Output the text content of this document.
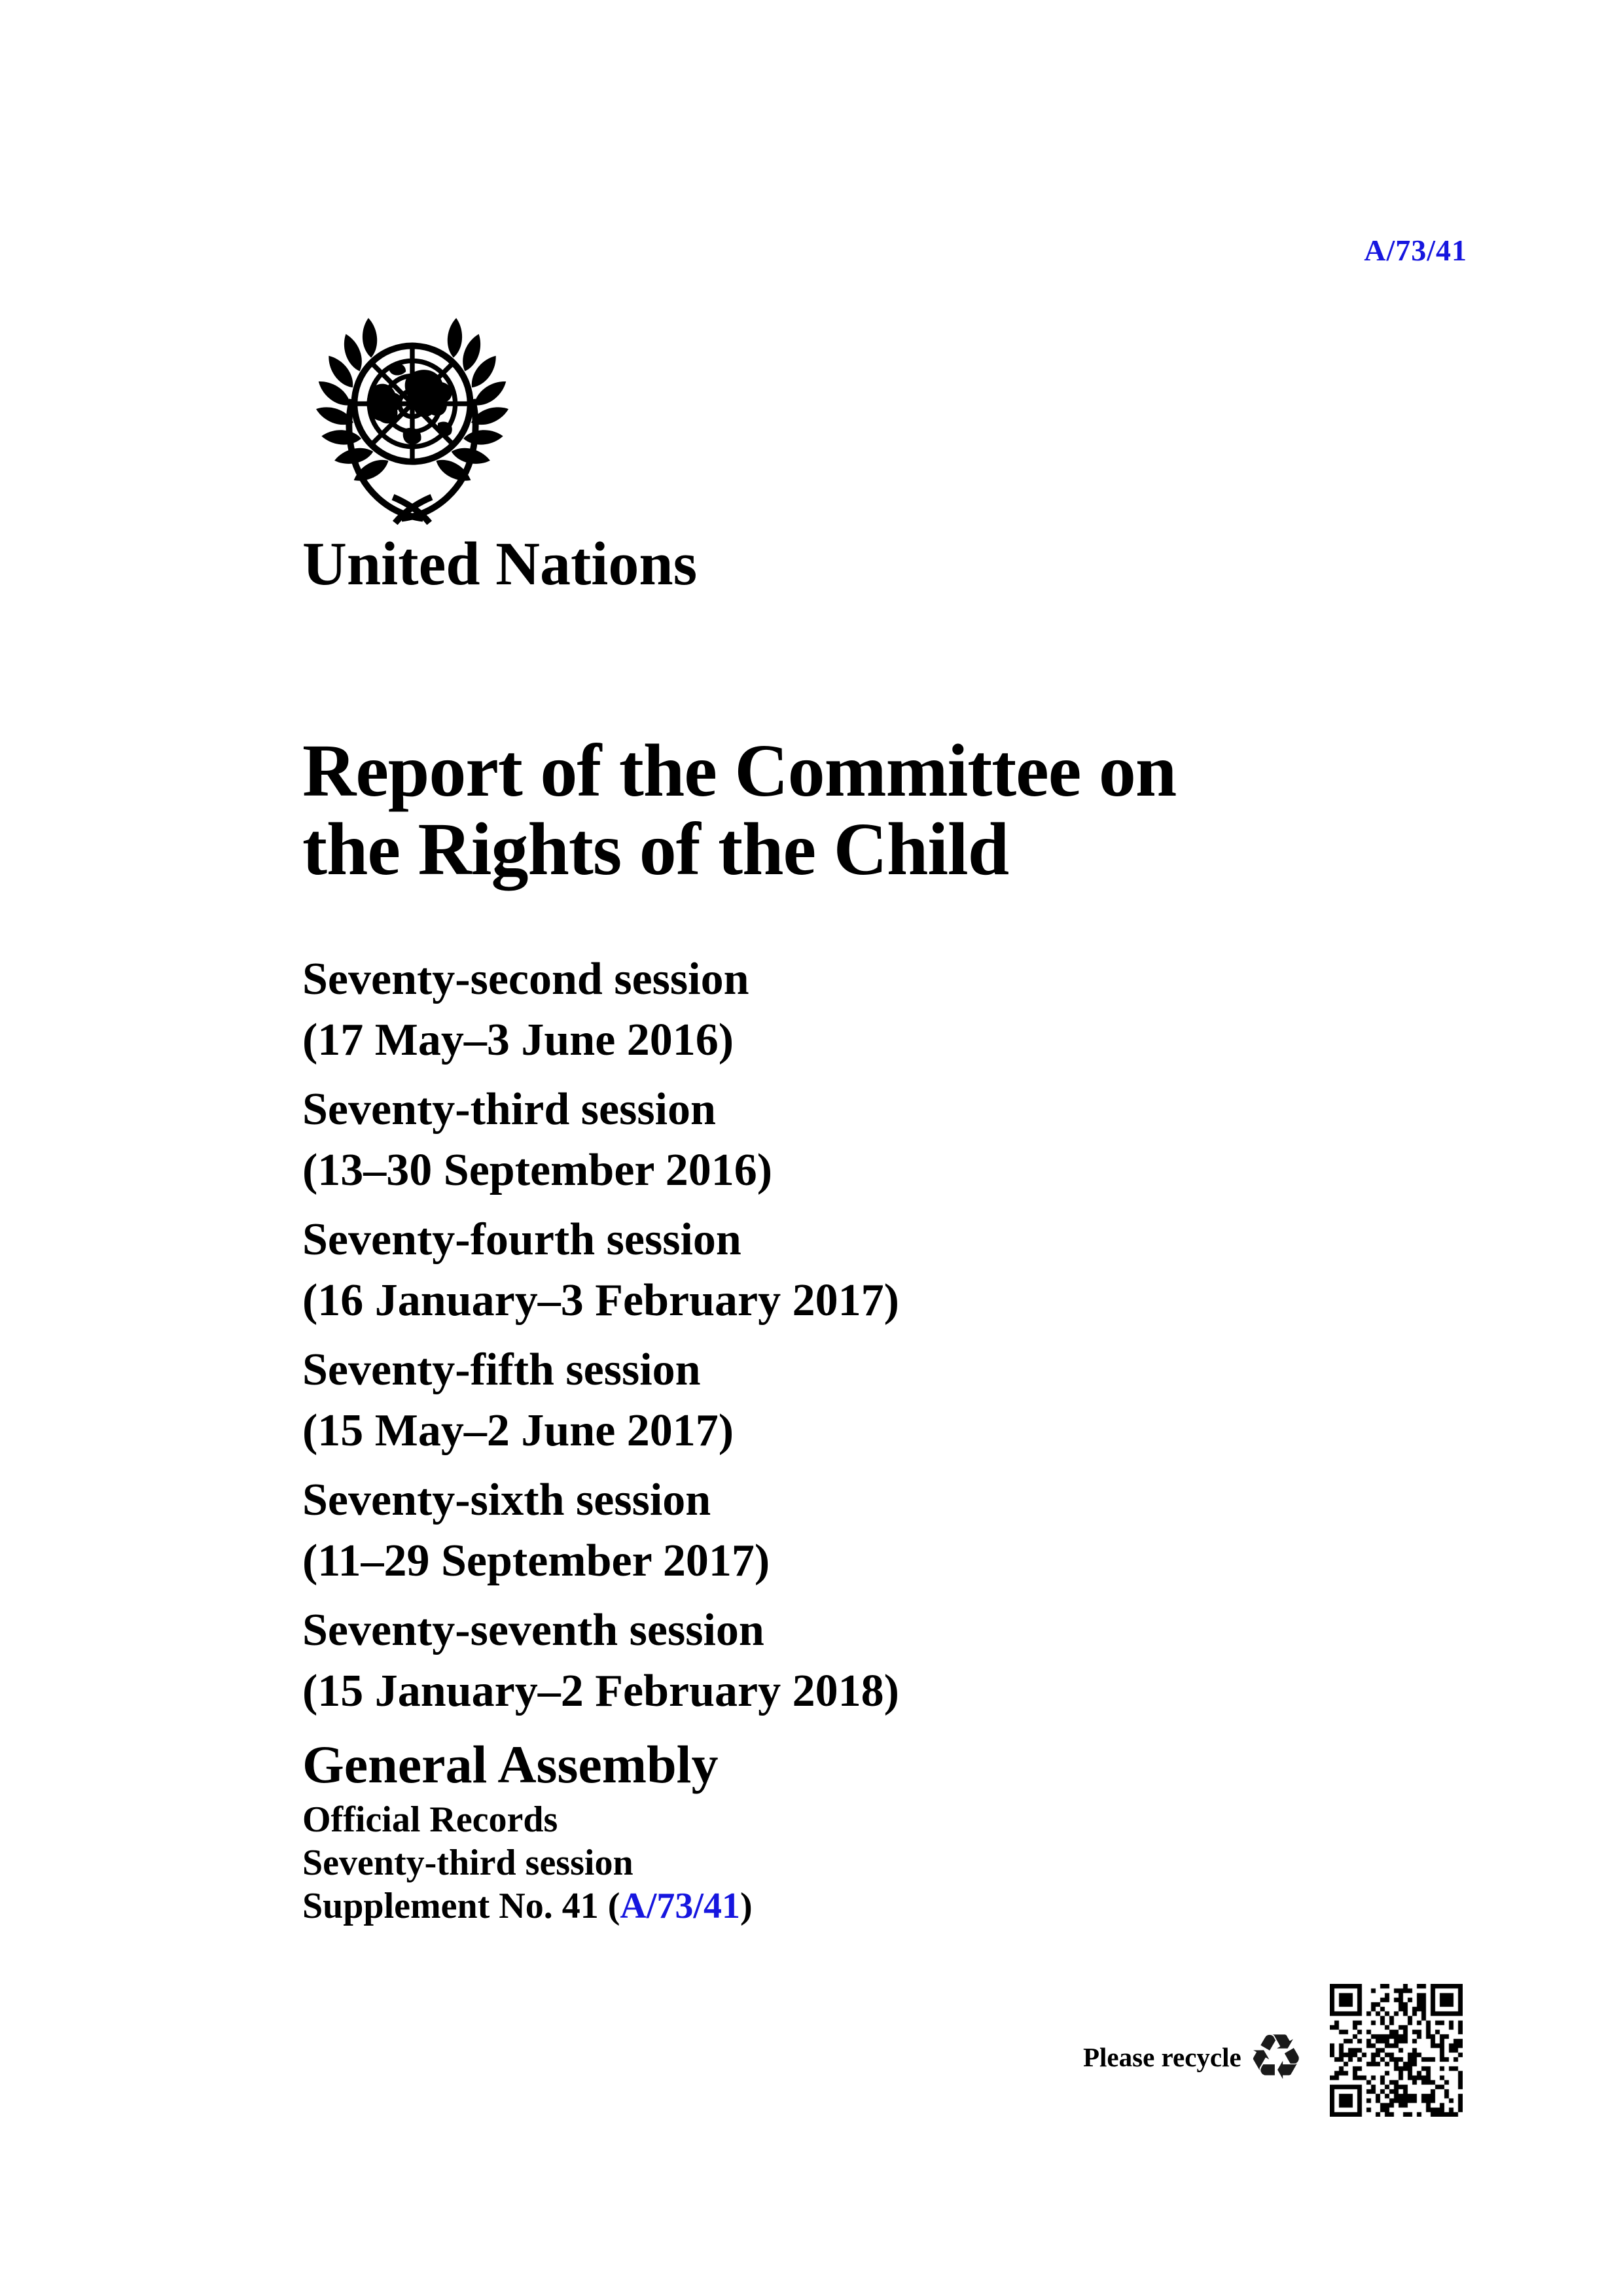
A/73/41
United Nations
Report of the Committee on
the Rights of the Child
Seventy-second session
(17 May–3 June 2016)
Seventy-third session
(13–30 September 2016)
Seventy-fourth session
(16 January–3 February 2017)
Seventy-fifth session
(15 May–2 June 2017)
Seventy-sixth session
(11–29 September 2017)
Seventy-seventh session
(15 January–2 February 2018)
General Assembly
Official Records
Seventy-third session
Supplement No. 41 (A/73/41)
Please recycle ♻
